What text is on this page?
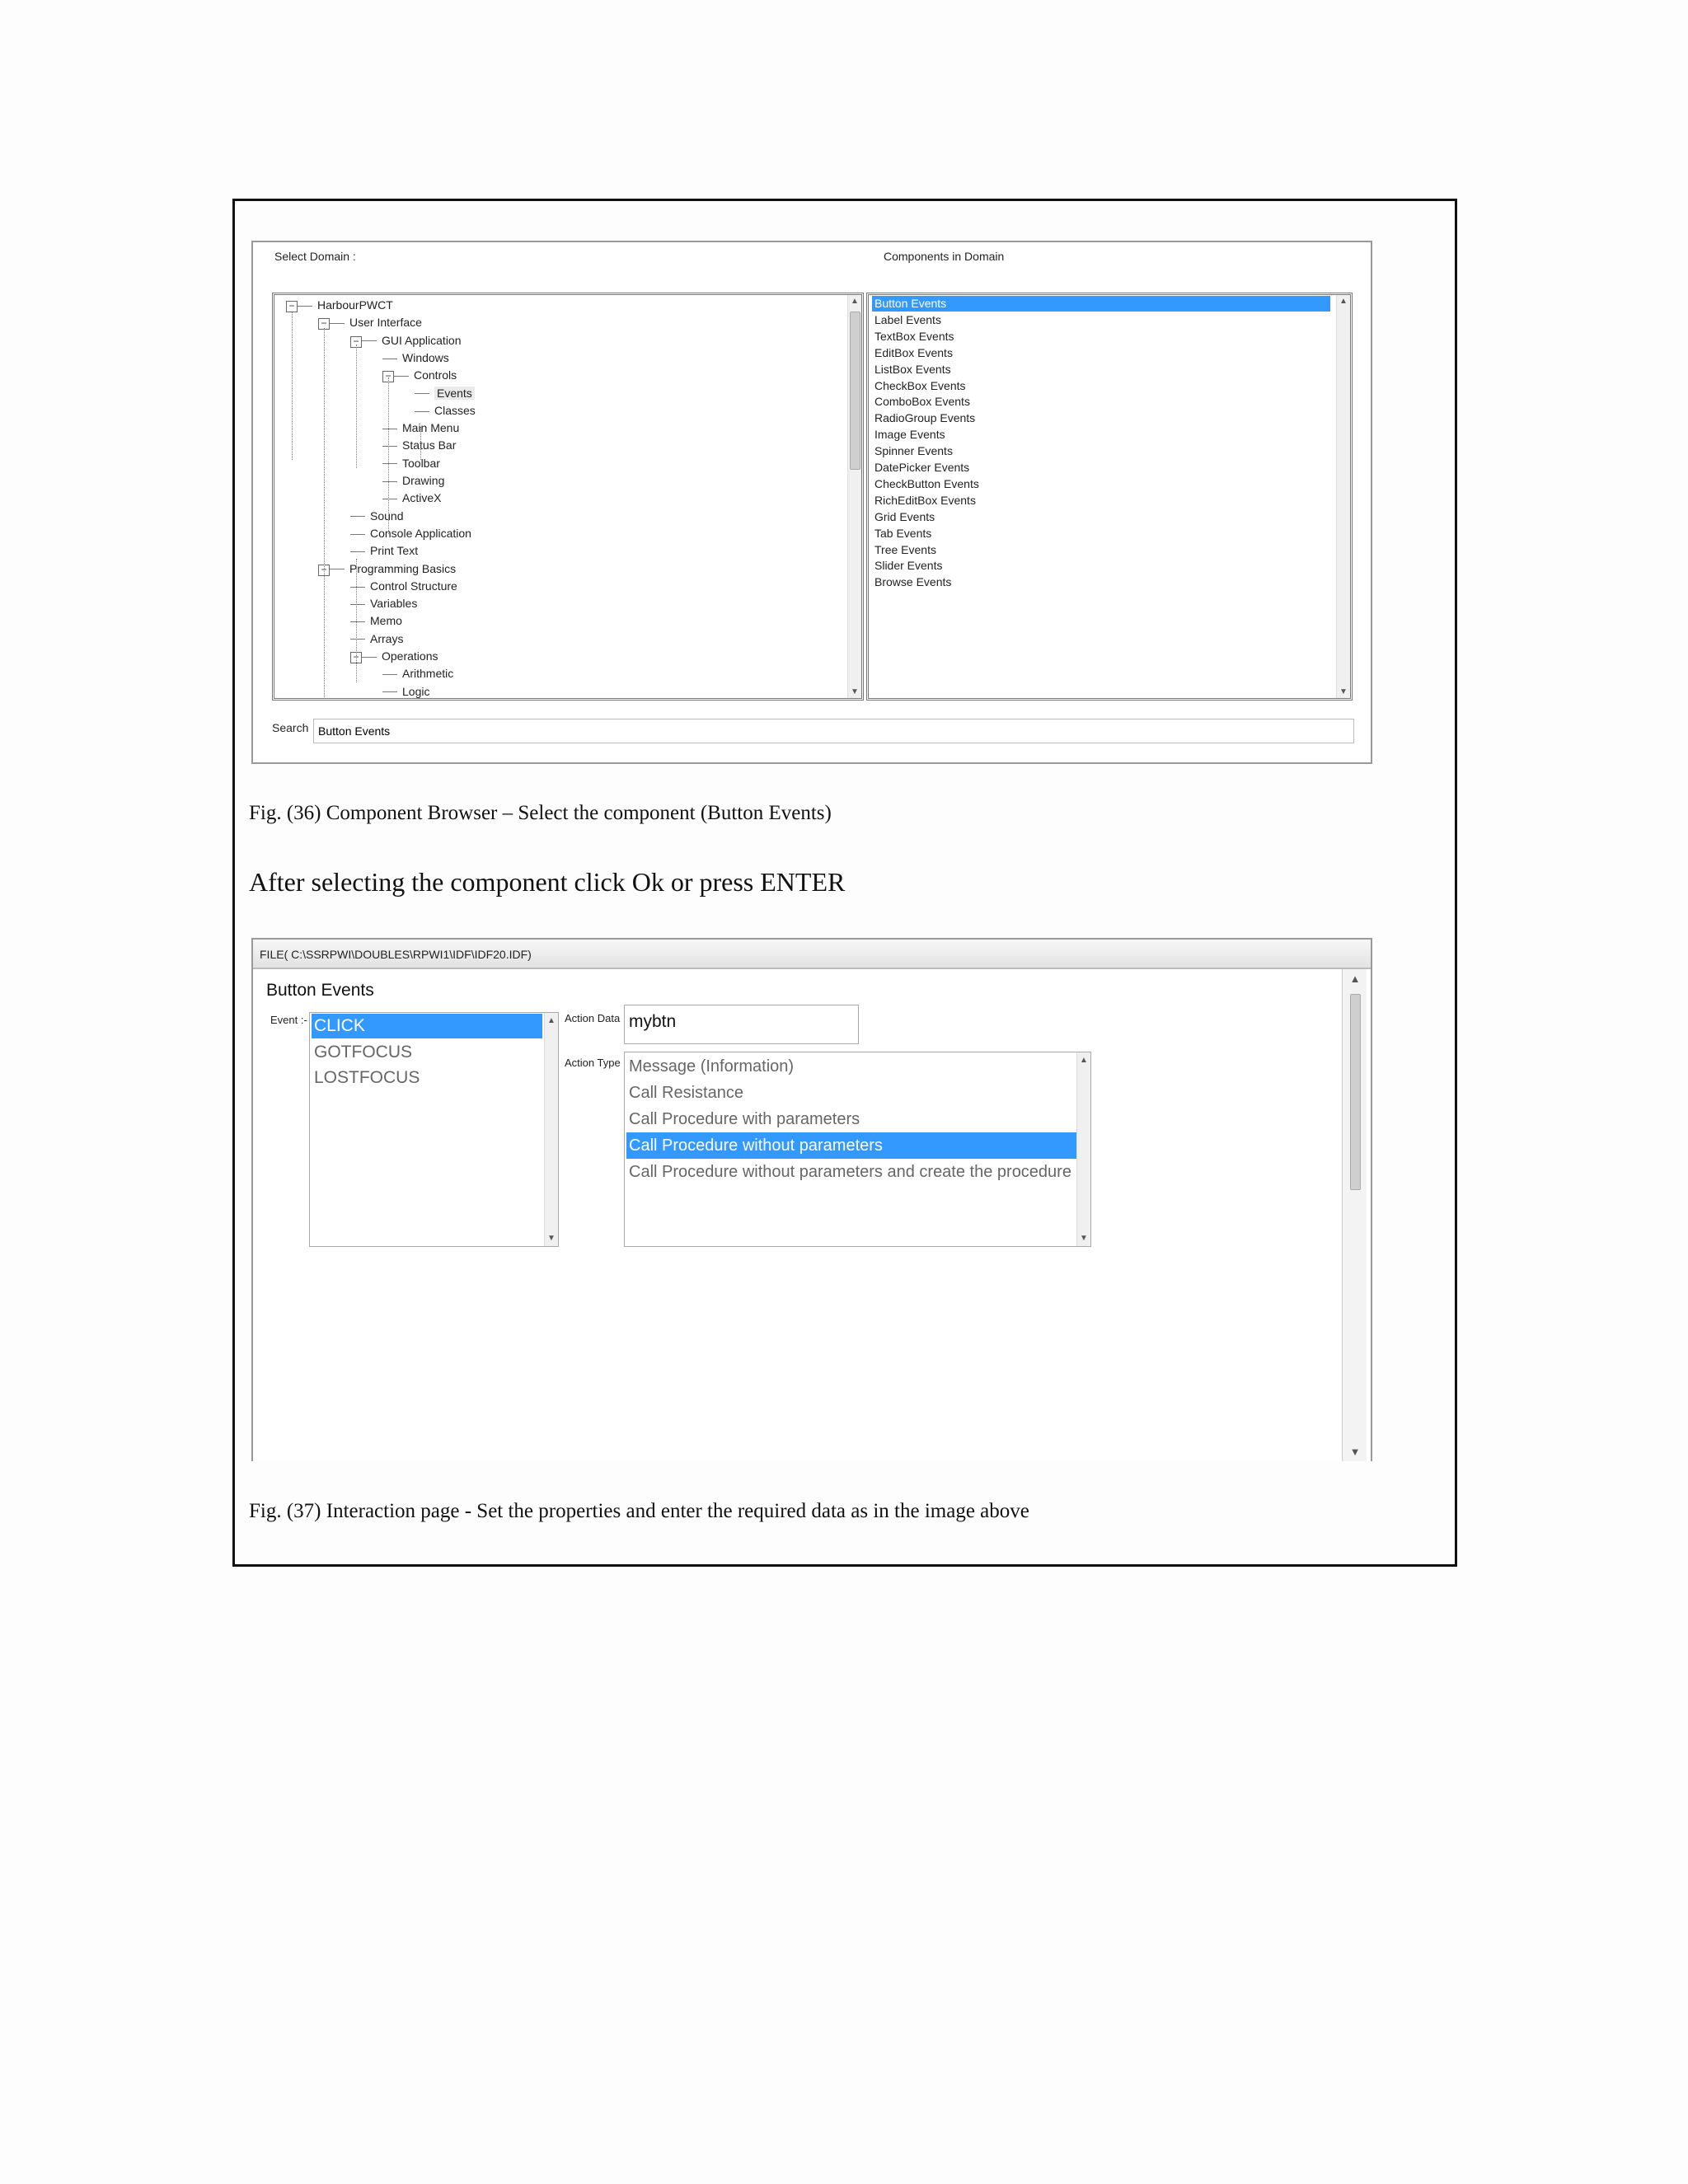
Select Domain :	Components in Domain
− HarbourPWCT
− User Interface
− GUI Application
Windows
− Controls
Events
Classes
Main Menu
Status Bar
Toolbar
Drawing
ActiveX
Sound
Console Application
Print Text
− Programming Basics
Control Structure
Variables
Memo
Arrays
− Operations
Arithmetic
Logic
▲
▼
Button Events
Label Events
TextBox Events
EditBox Events
ListBox Events
CheckBox Events
ComboBox Events
RadioGroup Events
Image Events
Spinner Events
DatePicker Events
CheckButton Events
RichEditBox Events
Grid Events
Tab Events
Tree Events
Slider Events
Browse Events
▲
▼
Search Button Events
Fig. (36) Component Browser – Select the component (Button Events)
After selecting the component click Ok or press ENTER
FILE( C:\SSRPWI\DOUBLES\RPWI1\IDF\IDF20.IDF)
▲
▼
Button Events
Event :- CLICK
GOTFOCUS
LOSTFOCUS
▲
▼
Action Data mybtn
Action Type Message (Information)
Call Resistance
Call Procedure with parameters
Call Procedure without parameters
Call Procedure without parameters and create the procedure
▲
▼
Fig. (37) Interaction page - Set the properties and enter the required data as in the image above
